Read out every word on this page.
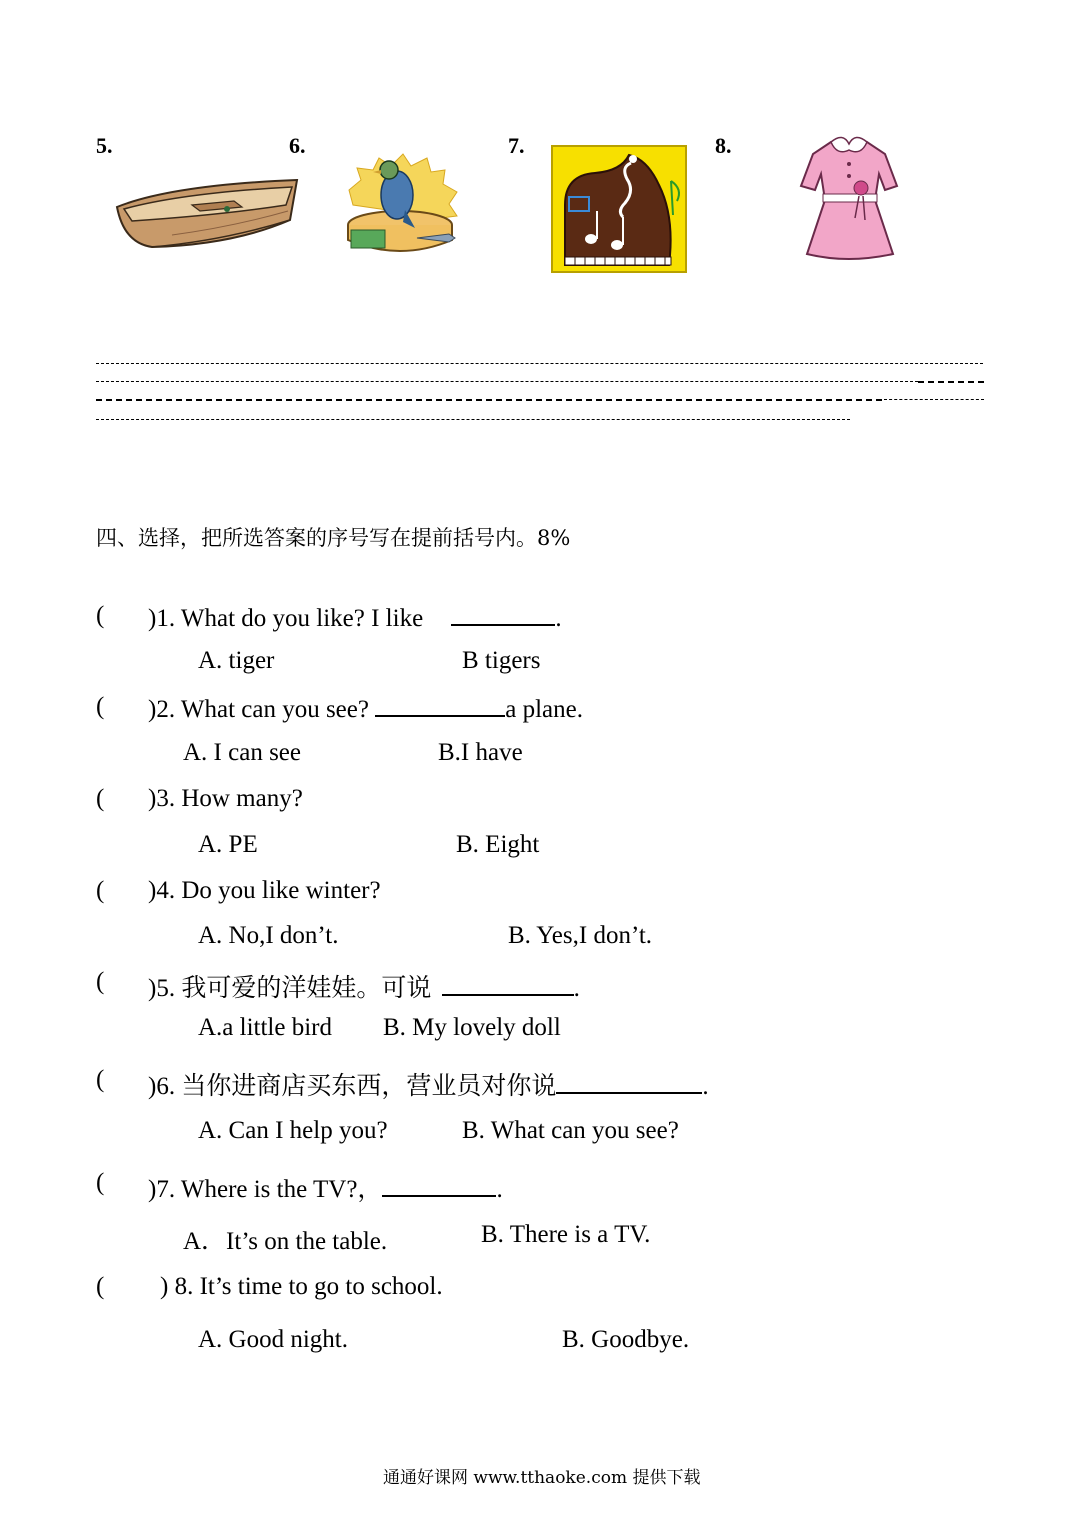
5.	6.	7.	8.
四、选择，把所选答案的序号写在提前括号内。8%
( )1. What do you like? I like	.
A. tiger	B tigers
( )2. What can you see?	a plane.
A. I can see	B.I have
( )3. How many?
A. PE	B. Eight
( )4. Do you like winter?
A. No,I don’t.	B. Yes,I don’t.
( )5. 我可爱的洋娃娃。可说	.
A.a little bird B. My lovely doll
( )6. 当你进商店买东西，营业员对你说	.
A. Can I help you?	B. What can you see?
( )7. Where is the TV?，	.
A．It’s on the table.	B. There is a TV.
( ) 8. It’s time to go to school.
A. Good night.	B. Goodbye.
通通好课网 www.tthaoke.com 提供下载
